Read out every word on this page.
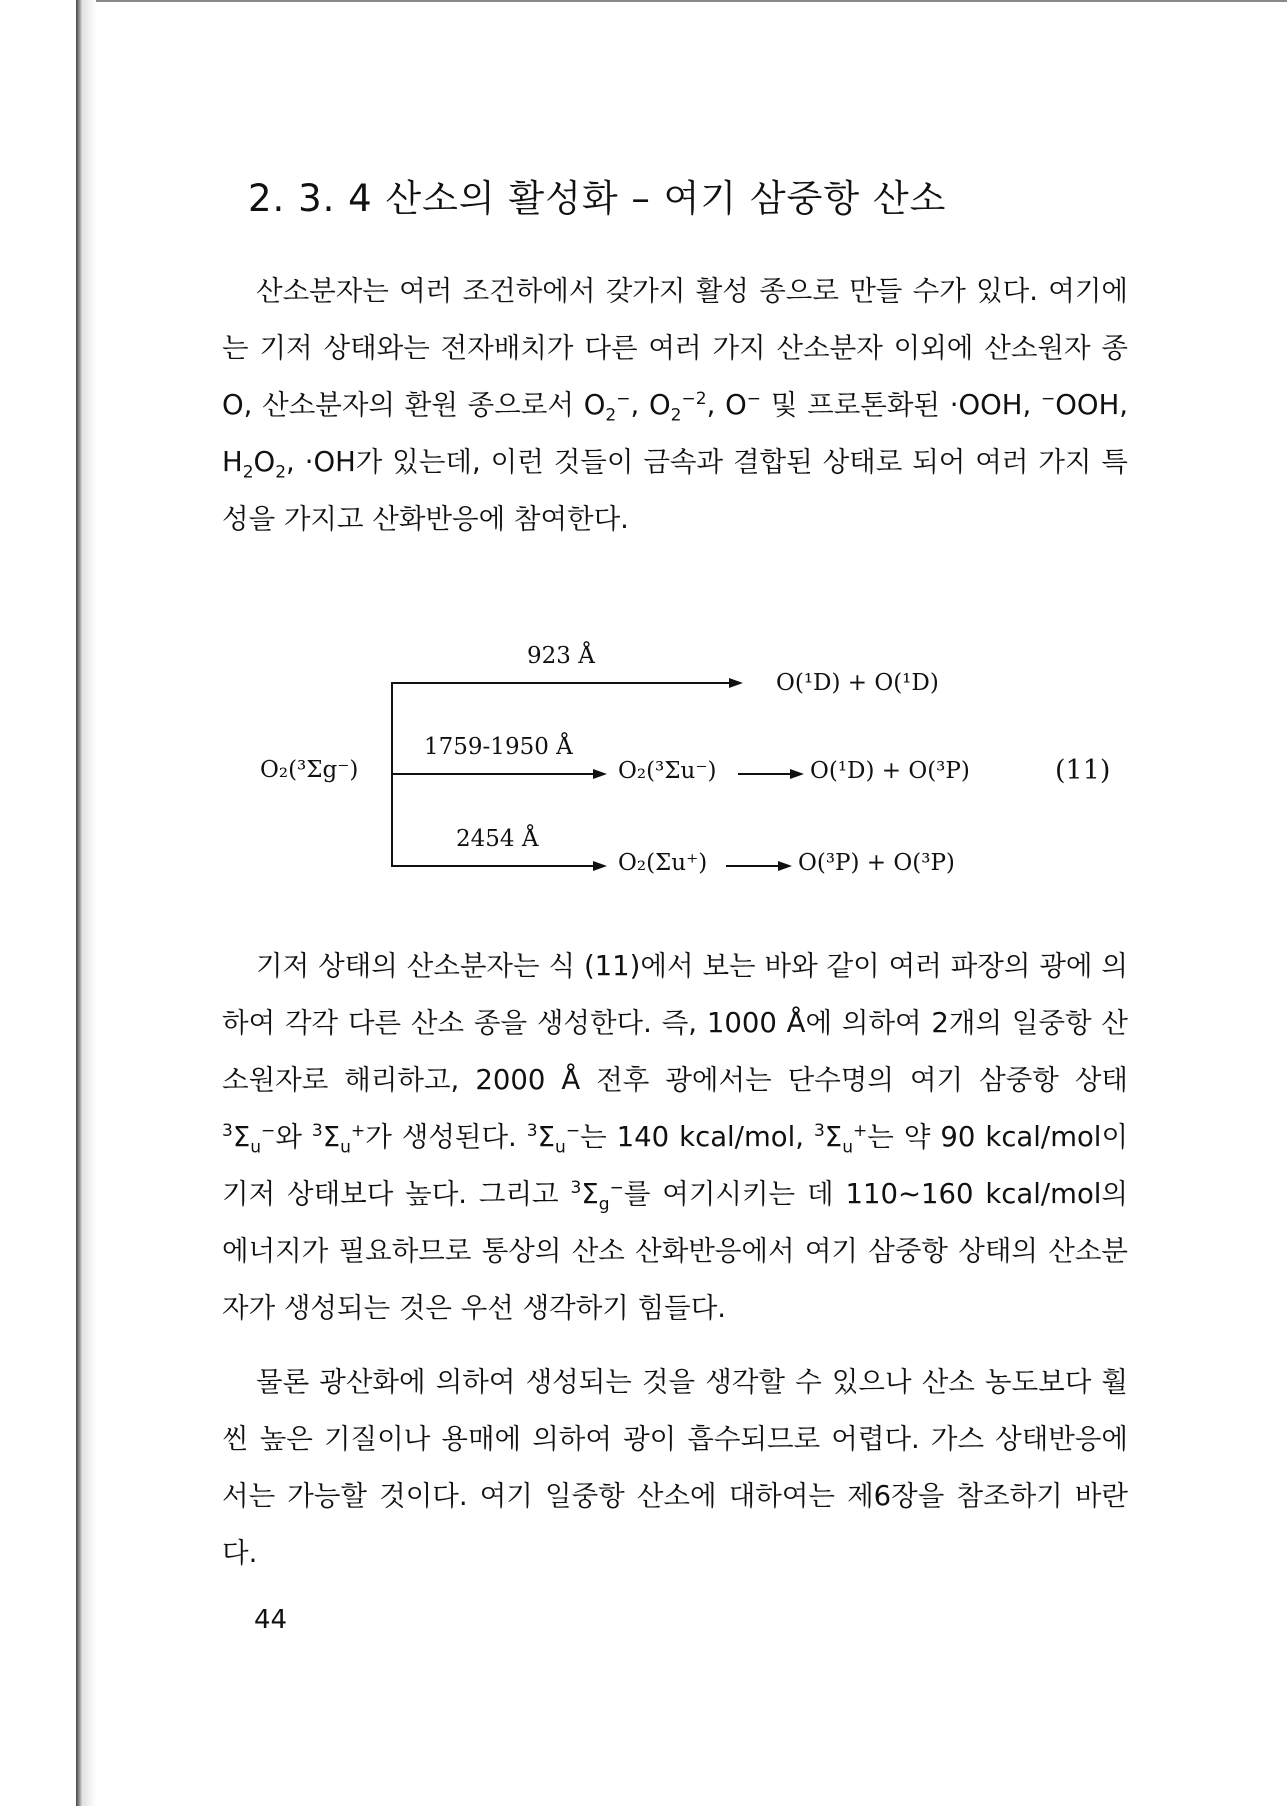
2. 3. 4 산소의 활성화 – 여기 삼중항 산소

산소분자는 여러 조건하에서 갖가지 활성 종으로 만들 수가 있다. 여기에는 기저 상태와는 전자배치가 다른 여러 가지 산소분자 이외에 산소원자 종 O, 산소분자의 환원 종으로서 $O_2^-$, $O_2^{-2}$, O− 및 프로톤화된 ·OOH, −OOH, $H_2O_2$, ·OH가 있는데, 이런 것들이 금속과 결합된 상태로 되어 여러 가지 특성을 가지고 산화반응에 참여한다.

O₂(³Σg⁻)
923 Å
O(¹D) + O(¹D)
1759-1950 Å
O₂(³Σu⁻)	O(¹D) + O(³P)	(11)
2454 Å
O₂(Σu⁺)	O(³P) + O(³P)

기저 상태의 산소분자는 식 (11)에서 보는 바와 같이 여러 파장의 광에 의하여 각각 다른 산소 종을 생성한다. 즉, 1000 Å에 의하여 2개의 일중항 산소원자로 해리하고, 2000 Å 전후 광에서는 단수명의 여기 삼중항 상태 $^3\Sigma_u^-$와 $^3\Sigma_u^+$가 생성된다. $^3\Sigma_u^-$는 140 kcal/mol, $^3\Sigma_u^+$는 약 90 kcal/mol이 기저 상태보다 높다. 그리고 $^3\Sigma_g^-$를 여기시키는 데 110∼160 kcal/mol의 에너지가 필요하므로 통상의 산소 산화반응에서 여기 삼중항 상태의 산소분자가 생성되는 것은 우선 생각하기 힘들다.

물론 광산화에 의하여 생성되는 것을 생각할 수 있으나 산소 농도보다 훨씬 높은 기질이나 용매에 의하여 광이 흡수되므로 어렵다. 가스 상태반응에서는 가능할 것이다. 여기 일중항 산소에 대하여는 제6장을 참조하기 바란다.

44
